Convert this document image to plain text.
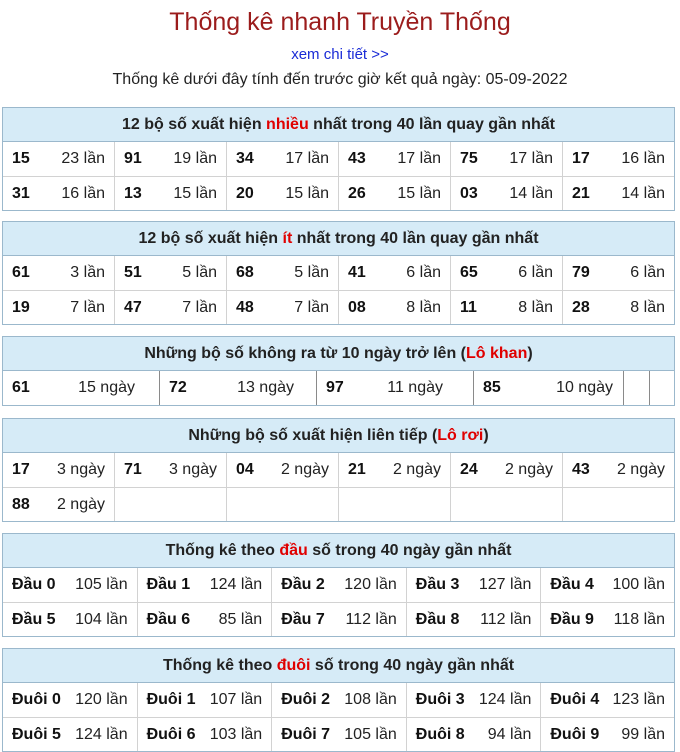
Thống kê nhanh Truyền Thống
xem chi tiết >>
Thống kê dưới đây tính đến trước giờ kết quả ngày: 05-09-2022
12 bộ số xuất hiện nhiều nhất trong 40 lần quay gần nhất
15 23 lần 91 19 lần 34 17 lần 43 17 lần 75 17 lần 17 16 lần
31 16 lần 13 15 lần 20 15 lần 26 15 lần 03 14 lần 21 14 lần
12 bộ số xuất hiện ít nhất trong 40 lần quay gần nhất
61	3 lần 51	5 lần 68	5 lần 41	6 lần 65	6 lần 79	6 lần
19	7 lần 47	7 lần 48	7 lần 08	8 lần 11	8 lần 28	8 lần
Những bộ số không ra từ 10 ngày trở lên (Lô khan)
61	15 ngày 72	13 ngày 97	11 ngày	85	10 ngày
Những bộ số xuất hiện liên tiếp (Lô rơi)
17 3 ngày 71 3 ngày 04 2 ngày 21 2 ngày 24 2 ngày 43 2 ngày
88 2 ngày
Thống kê theo đầu số trong 40 ngày gần nhất
Đầu 0 105 lần Đầu 1 124 lần Đầu 2 120 lần Đầu 3 127 lần Đầu 4 100 lần
Đầu 5 104 lần Đầu 6 85 lần Đầu 7 112 lần Đầu 8 112 lần Đầu 9 118 lần
Thống kê theo đuôi số trong 40 ngày gần nhất
Đuôi 0 120 lần Đuôi 1 107 lần Đuôi 2 108 lần Đuôi 3 124 lần Đuôi 4 123 lần
Đuôi 5 124 lần Đuôi 6 103 lần Đuôi 7 105 lần Đuôi 8 94 lần Đuôi 9 99 lần
